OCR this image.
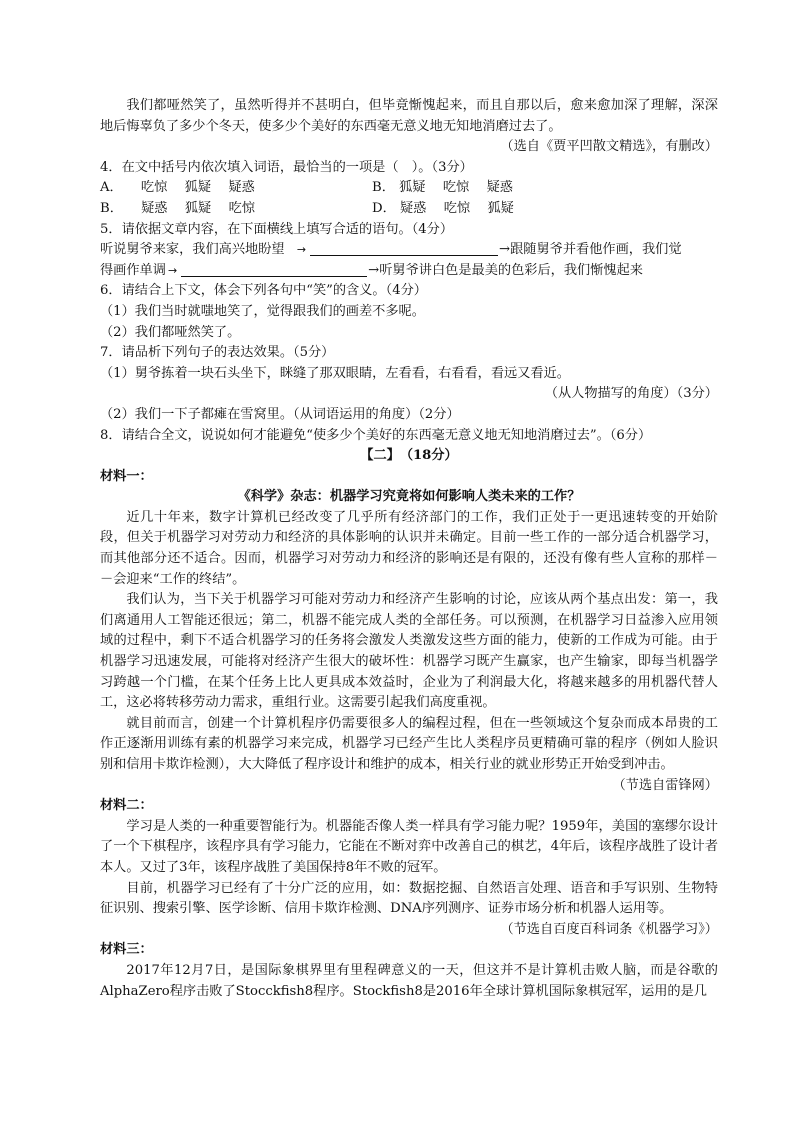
我们都哑然笑了，虽然听得并不甚明白，但毕竟惭愧起来，而且自那以后，愈来愈加深了理解，深深地后悔辜负了多少个冬天，使多少个美好的东西毫无意义地无知地消磨过去了。

（选自《贾平凹散文精选》，有删改）

4．在文中括号内依次填入词语，最恰当的一项是（　）。（3分）

A． 吃惊　 狐疑　 疑惑	B． 狐疑　 吃惊　 疑惑
B． 疑惑　 狐疑　 吃惊	D． 疑惑　 吃惊　 狐疑

5．请依据文章内容，在下面横线上填写合适的语句。（4分）

听说舅爷来家，我们高兴地盼望 →	→跟随舅爷并看他作画，我们觉

得画作单调 →	→听舅爷讲白色是最美的色彩后，我们惭愧起来

6．请结合上下文，体会下列各句中“笑”的含义。（4分）

（1）我们当时就嗤地笑了，觉得跟我们的画差不多呢。

（2）我们都哑然笑了。

7．请品析下列句子的表达效果。（5分）

（1）舅爷拣着一块石头坐下，眯缝了那双眼睛，左看看，右看看，看远又看近。

（从人物描写的角度）（3分）

（2）我们一下子都瘫在雪窝里。（从词语运用的角度）（2分）

8．请结合全文，说说如何才能避免“使多少个美好的东西毫无意义地无知地消磨过去”。（6分）

【二】　（18分）

材料一：

《科学》杂志：机器学习究竟将如何影响人类未来的工作？

近几十年来，数字计算机已经改变了几乎所有经济部门的工作，我们正处于一更迅速转变的开始阶段，但关于机器学习对劳动力和经济的具体影响的认识并未确定。目前一些工作的一部分适合机器学习，而其他部分还不适合。因而，机器学习对劳动力和经济的影响还是有限的，还没有像有些人宣称的那样－－会迎来“工作的终结”。

我们认为，当下关于机器学习可能对劳动力和经济产生影响的讨论，应该从两个基点出发：第一，我们离通用人工智能还很远；第二，机器不能完成人类的全部任务。可以预测，在机器学习日益渗入应用领域的过程中，剩下不适合机器学习的任务将会激发人类激发这些方面的能力，使新的工作成为可能。由于机器学习迅速发展，可能将对经济产生很大的破坏性：机器学习既产生赢家，也产生输家，即每当机器学习跨越一个门槛，在某个任务上比人更具成本效益时，企业为了利润最大化，将越来越多的用机器代替人工，这必将转移劳动力需求，重组行业。这需要引起我们高度重视。

就目前而言，创建一个计算机程序仍需要很多人的编程过程，但在一些领域这个复杂而成本昂贵的工作正逐渐用训练有素的机器学习来完成，机器学习已经产生比人类程序员更精确可靠的程序（例如人脸识别和信用卡欺诈检测），大大降低了程序设计和维护的成本，相关行业的就业形势正开始受到冲击。

（节选自雷锋网）

材料二：

学习是人类的一种重要智能行为。机器能否像人类一样具有学习能力呢？1959年，美国的塞缪尔设计了一个下棋程序，该程序具有学习能力，它能在不断对弈中改善自己的棋艺，4年后，该程序战胜了设计者本人。又过了3年，该程序战胜了美国保持8年不败的冠军。

目前，机器学习已经有了十分广泛的应用，如：数据挖掘、自然语言处理、语音和手写识别、生物特征识别、搜索引擎、医学诊断、信用卡欺诈检测、DNA序列测序、证券市场分析和机器人运用等。

（节选自百度百科词条《机器学习》）

材料三：

2017年12月7日，是国际象棋界里有里程碑意义的一天，但这并不是计算机击败人脑，而是谷歌的AlphaZero程序击败了Stocckfish8程序。Stockfish8是2016年全球计算机国际象棋冠军，运用的是几
